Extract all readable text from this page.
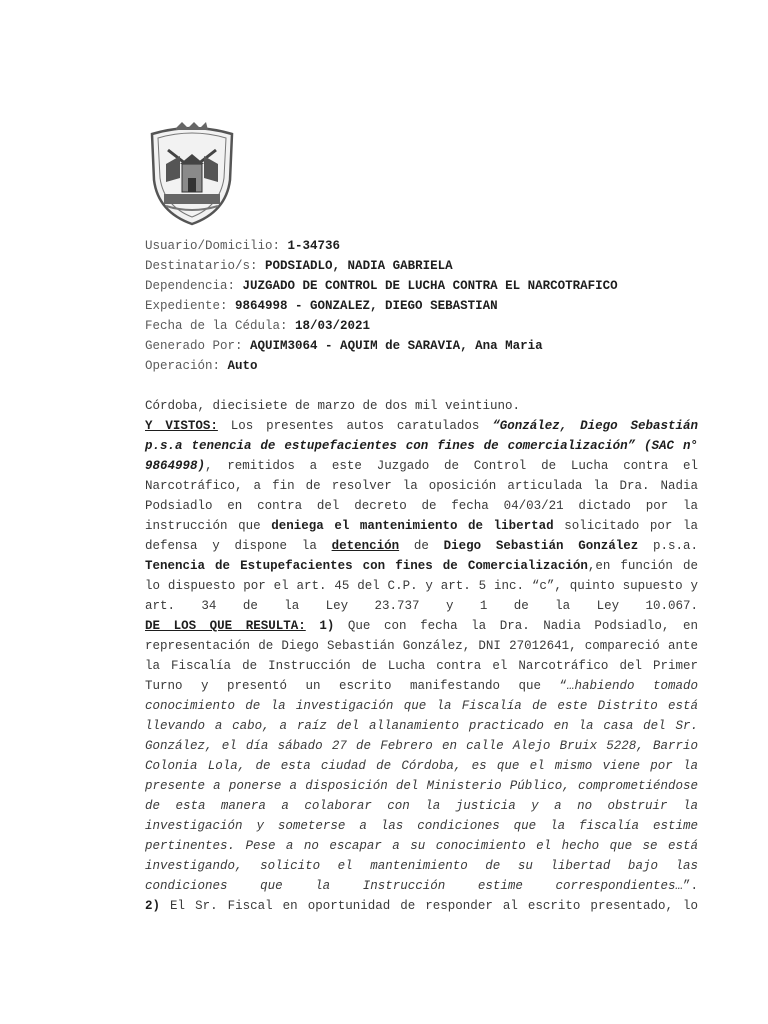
Usuario/Domicilio: 1-34736
Destinatario/s: PODSIADLO, NADIA GABRIELA
Dependencia: JUZGADO DE CONTROL DE LUCHA CONTRA EL NARCOTRAFICO
Expediente: 9864998 - GONZALEZ, DIEGO SEBASTIAN
Fecha de la Cédula: 18/03/2021
Generado Por: AQUIM3064 - AQUIM de SARAVIA, Ana Maria
Operación: Auto

Córdoba, diecisiete de marzo de dos mil veintiuno.

Y VISTOS: Los presentes autos caratulados “González, Diego Sebastián p.s.a tenencia de estupefacientes con fines de comercialización” (SAC n° 9864998), remitidos a este Juzgado de Control de Lucha contra el Narcotráfico, a fin de resolver la oposición articulada la Dra. Nadia Podsiadlo en contra del decreto de fecha 04/03/21 dictado por la instrucción que deniega el mantenimiento de libertad solicitado por la defensa y dispone la detención de Diego Sebastián González p.s.a. Tenencia de Estupefacientes con fines de Comercialización,en función de lo dispuesto por el art. 45 del C.P. y art. 5 inc. “c”, quinto supuesto y art. 34 de la Ley 23.737 y 1 de la Ley 10.067.

DE LOS QUE RESULTA: 1) Que con fecha la Dra. Nadia Podsiadlo, en representación de Diego Sebastián González, DNI 27012641, compareció ante la Fiscalía de Instrucción de Lucha contra el Narcotráfico del Primer Turno y presentó un escrito manifestando que “…habiendo tomado conocimiento de la investigación que la Fiscalía de este Distrito está llevando a cabo, a raíz del allanamiento practicado en la casa del Sr. González, el día sábado 27 de Febrero en calle Alejo Bruix 5228, Barrio Colonia Lola, de esta ciudad de Córdoba, es que el mismo viene por la presente a ponerse a disposición del Ministerio Público, comprometiéndose de esta manera a colaborar con la justicia y a no obstruir la investigación y someterse a las condiciones que la fiscalía estime pertinentes. Pese a no escapar a su conocimiento el hecho que se está investigando, solicito el mantenimiento de su libertad bajo las condiciones que la Instrucción estime correspondientes…”.

2) El Sr. Fiscal en oportunidad de responder al escrito presentado, lo
